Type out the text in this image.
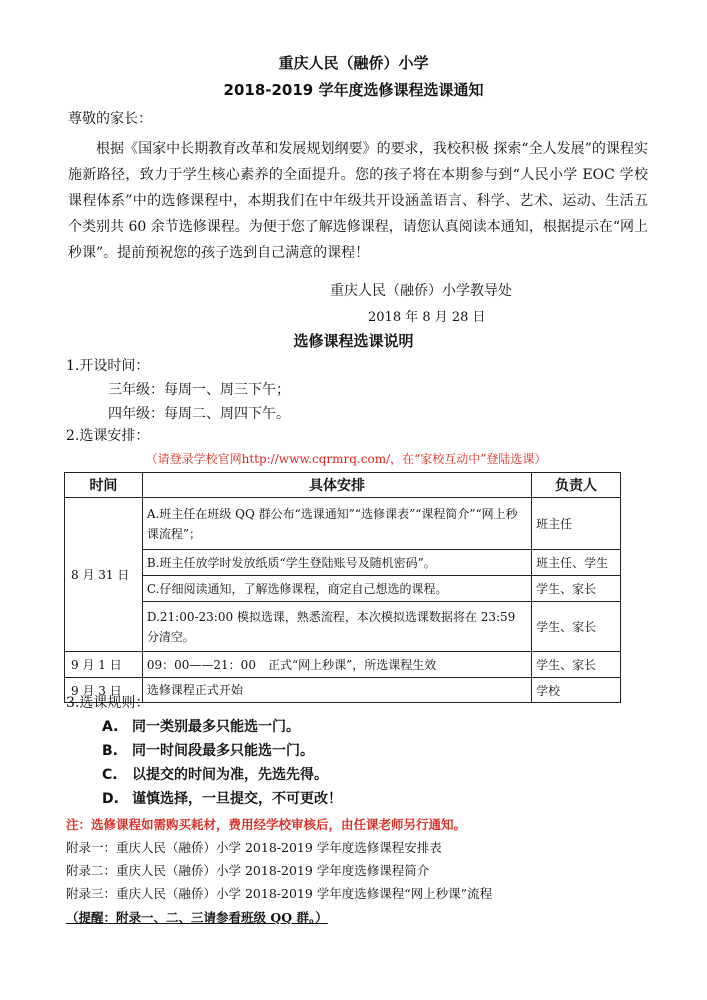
重庆人民（融侨）小学
2018-2019 学年度选修课程选课通知
尊敬的家长：

根据《国家中长期教育改革和发展规划纲要》的要求，我校积极 探索“全人发展”的课程实施新路径，致力于学生核心素养的全面提升。您的孩子将在本期参与到“人民小学 EOC 学校课程体系”中的选修课程中，本期我们在中年级共开设涵盖语言、科学、艺术、运动、生活五个类别共 60 余节选修课程。为便于您了解选修课程，请您认真阅读本通知，根据提示在“网上秒课”。提前预祝您的孩子选到自己满意的课程！

重庆人民（融侨）小学教导处
2018 年 8 月 28 日
选修课程选课说明
1.开设时间：
三年级：每周一、周三下午；
四年级：每周二、周四下午。
2.选课安排：
（请登录学校官网http://www.cqrmrq.com/，在“家校互动中”登陆选课）
时间	具体安排	负责人
8 月 31 日	A.班主任在班级 QQ 群公布“选课通知”“选修课表”“课程简介”“网上秒课流程”；	班主任
	B.班主任放学时发放纸质“学生登陆账号及随机密码”。	班主任、学生
	C.仔细阅读通知，了解选修课程，商定自己想选的课程。	学生、家长
	D.21:00-23:00 模拟选课，熟悉流程，本次模拟选课数据将在 23:59 分清空。	学生、家长
9 月 1 日	09：00——21：00　正式“网上秒课”，所选课程生效	学生、家长
9 月 3 日	选修课程正式开始	学校
3.选课规则：
A. 同一类别最多只能选一门。
B. 同一时间段最多只能选一门。
C. 以提交的时间为准，先选先得。
D. 谨慎选择，一旦提交，不可更改！
注：选修课程如需购买耗材，费用经学校审核后，由任课老师另行通知。
附录一：重庆人民（融侨）小学 2018-2019 学年度选修课程安排表
附录二：重庆人民（融侨）小学 2018-2019 学年度选修课程简介
附录三：重庆人民（融侨）小学 2018-2019 学年度选修课程“网上秒课”流程
（提醒：附录一、二、三请参看班级 QQ 群。）
